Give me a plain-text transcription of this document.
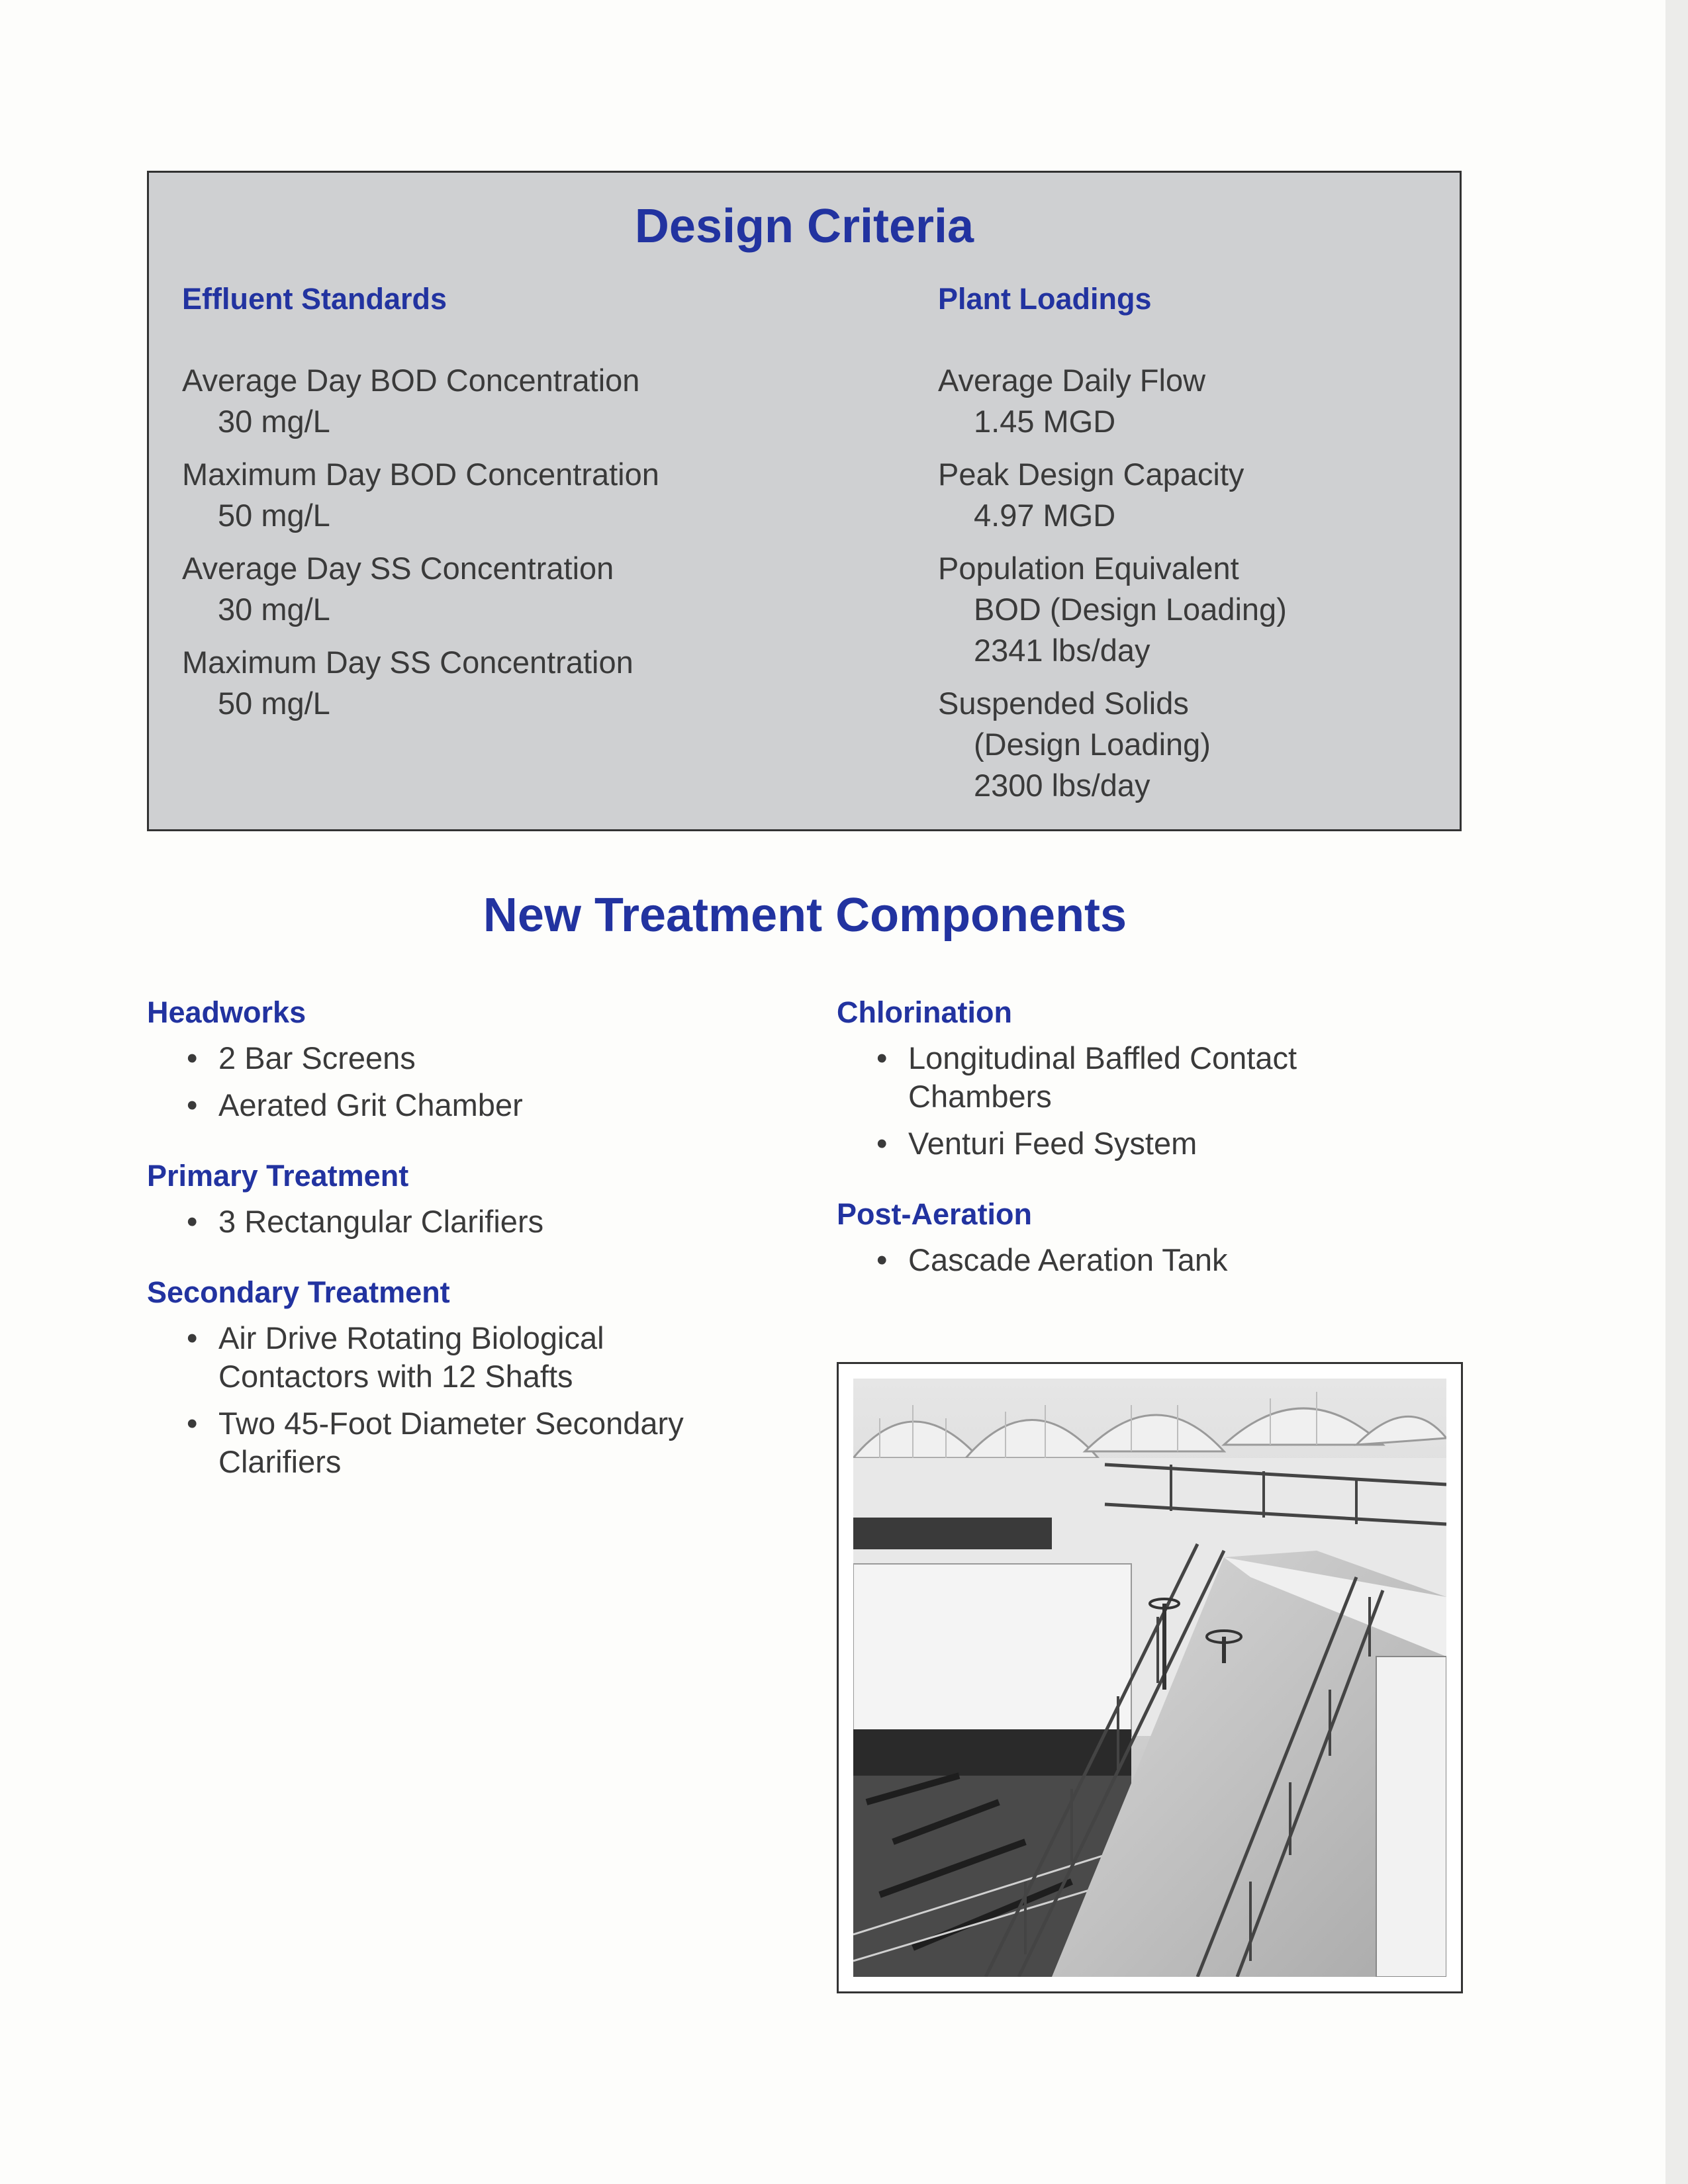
Design Criteria
Effluent Standards	Plant Loadings
Average Day BOD Concentration
30 mg/L
Maximum Day BOD Concentration
50 mg/L
Average Day SS Concentration
30 mg/L
Maximum Day SS Concentration
50 mg/L
Average Daily Flow
1.45 MGD
Peak Design Capacity
4.97 MGD
Population Equivalent
BOD (Design Loading)
2341 lbs/day
Suspended Solids
(Design Loading)
2300 lbs/day
New Treatment Components
Headworks
• 2 Bar Screens
• Aerated Grit Chamber
Primary Treatment
• 3 Rectangular Clarifiers
Secondary Treatment
• Air Drive Rotating Biological Contactors with 12 Shafts
• Two 45-Foot Diameter Secondary Clarifiers
Chlorination
• Longitudinal Baffled Contact Chambers
• Venturi Feed System
Post-Aeration
• Cascade Aeration Tank
